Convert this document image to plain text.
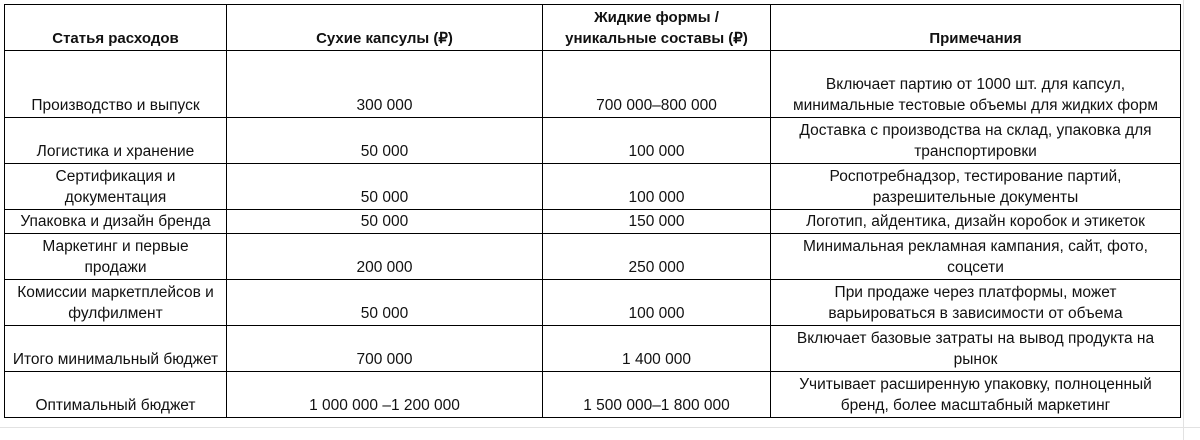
Статья расходов	Сухие капсулы (₽)	Жидкие формы / уникальные составы (₽)	Примечания
Производство и выпуск	300 000	700 000–800 000	Включает партию от 1000 шт. для капсул, минимальные тестовые объемы для жидких форм
Логистика и хранение	50 000	100 000	Доставка с производства на склад, упаковка для транспортировки
Сертификация и документация	50 000	100 000	Роспотребнадзор, тестирование партий, разрешительные документы
Упаковка и дизайн бренда	50 000	150 000	Логотип, айдентика, дизайн коробок и этикеток
Маркетинг и первые продажи	200 000	250 000	Минимальная рекламная кампания, сайт, фото, соцсети
Комиссии маркетплейсов и фулфилмент	50 000	100 000	При продаже через платформы, может варьироваться в зависимости от объема
Итого минимальный бюджет	700 000	1 400 000	Включает базовые затраты на вывод продукта на рынок
Оптимальный бюджет	1 000 000 –1 200 000	1 500 000–1 800 000	Учитывает расширенную упаковку, полноценный бренд, более масштабный маркетинг
